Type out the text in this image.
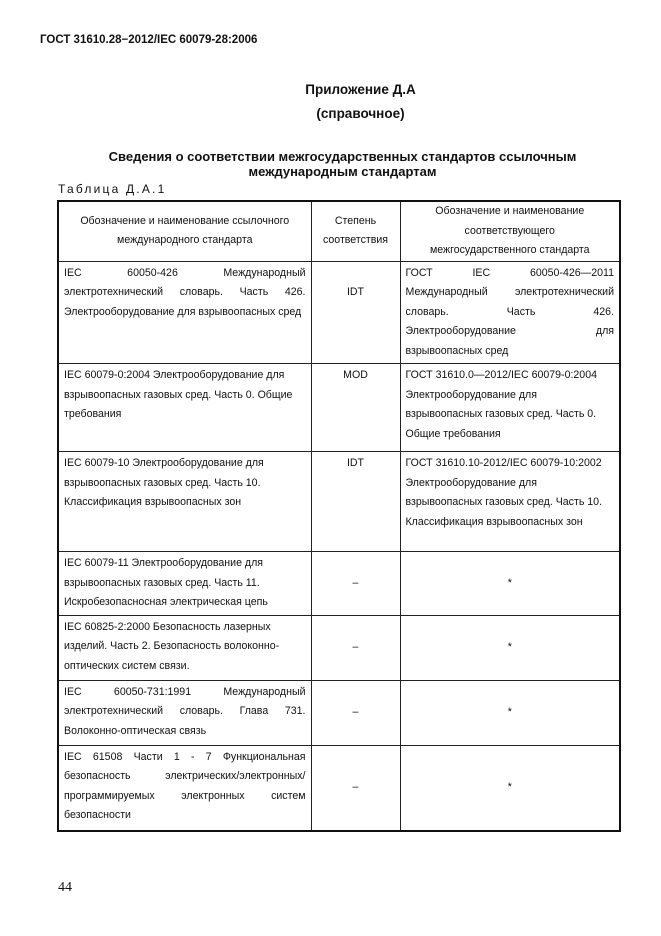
ГОСТ 31610.28−2012/IEC 60079-28:2006
Приложение Д.А
(справочное)
Сведения о соответствии межгосударственных стандартов ссылочным международным стандартам
Таблица Д.А.1
Обозначение и наименование ссылочного международного стандарта	Степень соответствия	Обозначение и наименование соответствующего межгосударственного стандарта
IEC 60050-426 Международный электротехнический словарь. Часть 426. Электрооборудование для взрывоопасных сред	IDT	ГОСТ IEC 60050-426—2011 Международный электротехнический словарь. Часть 426. Электрооборудование для взрывоопасных сред
IEC 60079-0:2004 Электрооборудование для взрывоопасных газовых сред. Часть 0. Общие требования	MOD	ГОСТ 31610.0—2012/IEC 60079-0:2004 Электрооборудование для взрывоопасных газовых сред. Часть 0. Общие требования
IEC 60079-10 Электрооборудование для взрывоопасных газовых сред. Часть 10. Классификация взрывоопасных зон	IDT	ГОСТ 31610.10-2012/IEC 60079-10:2002 Электрооборудование для взрывоопасных газовых сред. Часть 10. Классификация взрывоопасных зон
IEC 60079-11 Электрооборудование для взрывоопасных газовых сред. Часть 11. Искробезопасносная электрическая цепь	–	*
IEC 60825-2:2000 Безопасность лазерных изделий. Часть 2. Безопасность волоконно-оптических систем связи.	–	*
IEC 60050-731:1991 Международный электротехнический словарь. Глава 731. Волоконно-оптическая связь	–	*
IEC 61508 Части 1 - 7 Функциональная безопасность электрических/электронных/программируемых электронных систем безопасности	–	*
44
